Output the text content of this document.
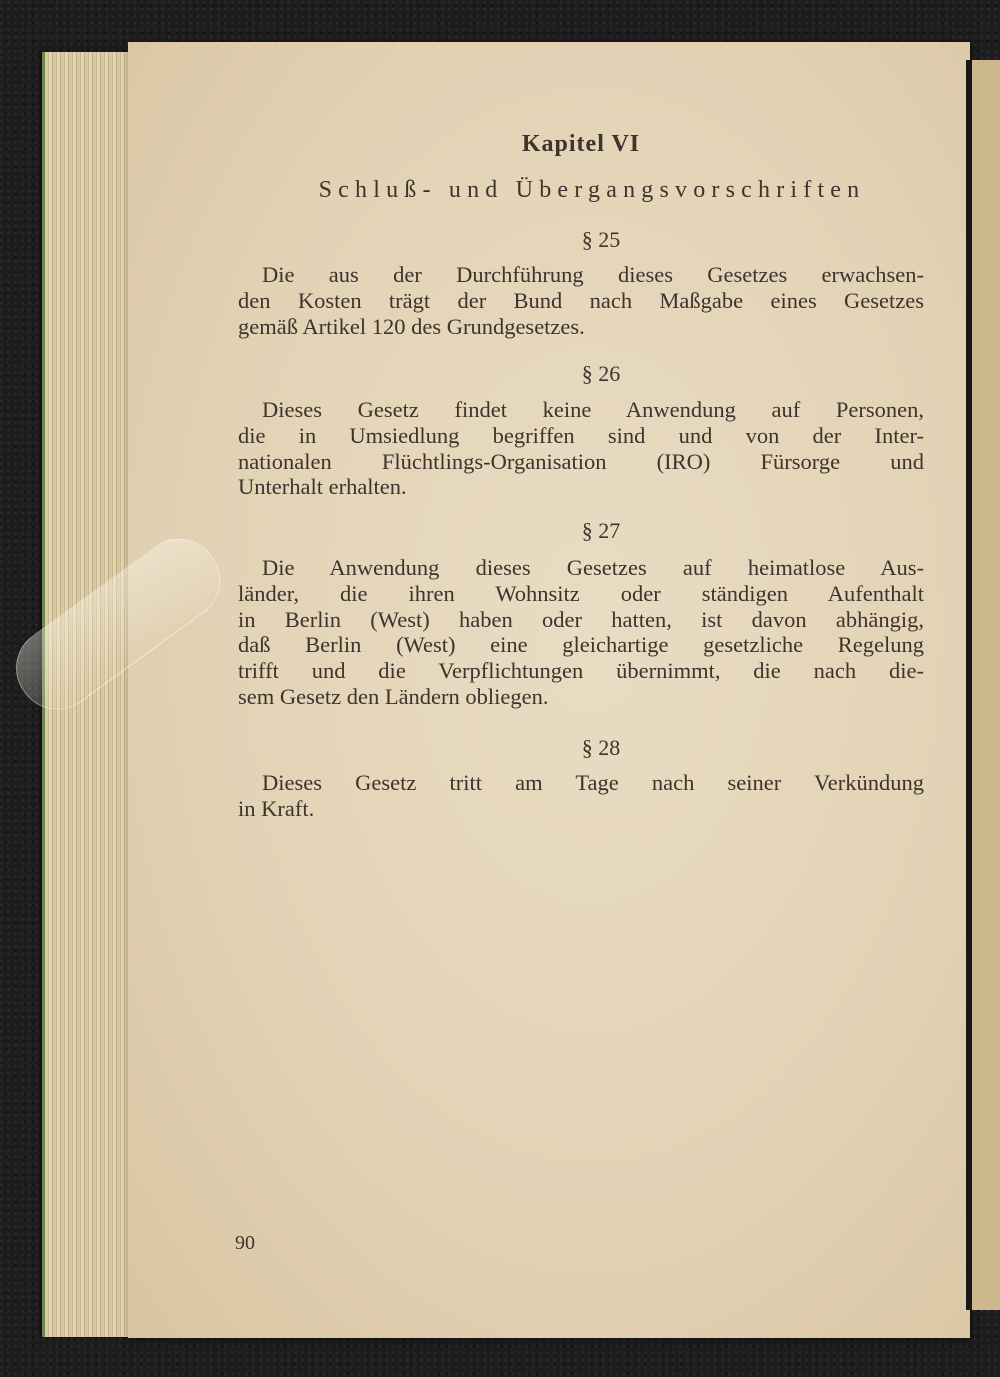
Kapitel VI
Schluß- und Übergangsvorschriften
§ 25
Die aus der Durchführung dieses Gesetzes erwachsen-
den Kosten trägt der Bund nach Maßgabe eines Gesetzes
gemäß Artikel 120 des Grundgesetzes.
§ 26
Dieses Gesetz findet keine Anwendung auf Personen,
die in Umsiedlung begriffen sind und von der Inter-
nationalen Flüchtlings-Organisation (IRO) Fürsorge und
Unterhalt erhalten.
§ 27
Die Anwendung dieses Gesetzes auf heimatlose Aus-
länder, die ihren Wohnsitz oder ständigen Aufenthalt
in Berlin (West) haben oder hatten, ist davon abhängig,
daß Berlin (West) eine gleichartige gesetzliche Regelung
trifft und die Verpflichtungen übernimmt, die nach die-
sem Gesetz den Ländern obliegen.
§ 28
Dieses Gesetz tritt am Tage nach seiner Verkündung
in Kraft.
90
